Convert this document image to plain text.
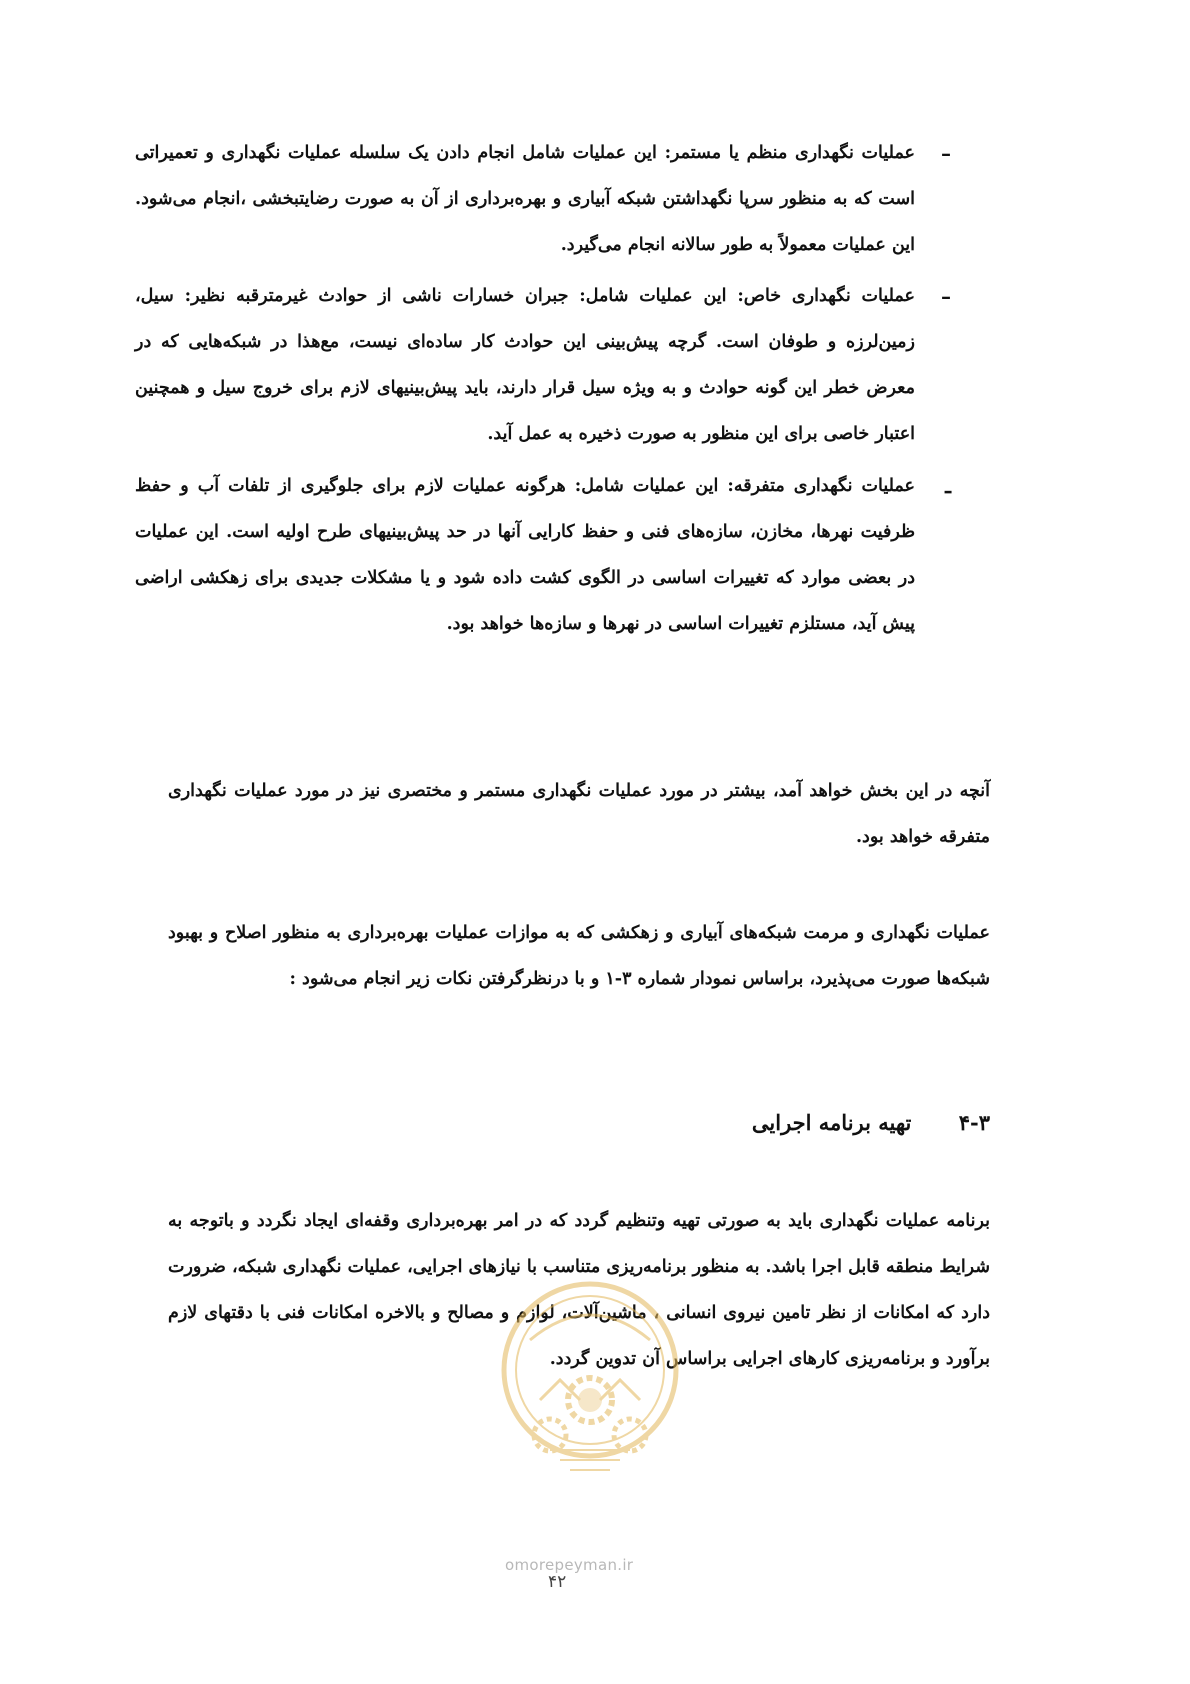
–

عملیات نگهداری منظم یا مستمر: این عملیات شامل انجام دادن یک سلسله عملیات نگهداری و تعمیراتی است که به منظور سرپا نگهداشتن شبکه آبیاری و بهره‌برداری از آن به صورت رضایتبخشی ،انجام می‌شود. این عملیات معمولاً به طور سالانه انجام می‌گیرد.

–

عملیات نگهداری خاص: این عملیات شامل: جبران خسارات ناشی از حوادث غیرمترقبه نظیر: سیل، زمین‌لرزه و طوفان است. گرچه پیش‌بینی این حوادث کار ساده‌ای نیست، مع‌هذا در شبکه‌هایی که در معرض خطر این گونه حوادث و به ویژه سیل قرار دارند، باید پیش‌بینیهای لازم برای خروج سیل و همچنین اعتبار خاصی برای این منظور به صورت ذخیره به عمل آید.

ـ

عملیات نگهداری متفرقه: این عملیات شامل: هرگونه عملیات لازم برای جلوگیری از تلفات آب و حفظ ظرفیت نهرها، مخازن، سازه‌های فنی و حفظ کارایی آنها در حد پیش‌بینیهای طرح اولیه است. این عملیات در بعضی موارد که تغییرات اساسی در الگوی کشت داده شود و یا مشکلات جدیدی برای زهکشی اراضی پیش آید، مستلزم تغییرات اساسی در نهرها و سازه‌ها خواهد بود.

آنچه در این بخش خواهد آمد، بیشتر در مورد عملیات نگهداری مستمر و مختصری نیز در مورد عملیات نگهداری متفرقه خواهد بود.

عملیات نگهداری و مرمت شبکه‌های آبیاری و زهکشی که به موازات عملیات بهره‌برداری به منظور اصلاح و بهبود شبکه‌ها صورت می‌پذیرد، براساس نمودار شماره ۳-۱ و با درنظرگرفتن نکات زیر انجام می‌شود :

۴-۳ تهیه برنامه اجرایی

برنامه عملیات نگهداری باید به صورتی تهیه وتنظیم گردد که در امر بهره‌برداری وقفه‌ای ایجاد نگردد و باتوجه به شرایط منطقه قابل اجرا باشد. به منظور برنامه‌ریزی متناسب با نیازهای اجرایی، عملیات نگهداری شبکه، ضرورت دارد که امکانات از نظر تامین نیروی انسانی ، ماشین‌آلات، لوازم و مصالح و بالاخره امکانات فنی با دقتهای لازم برآورد و برنامه‌ریزی کارهای اجرایی براساس آن تدوین گردد.

omorepeyman.ir
۴۲
